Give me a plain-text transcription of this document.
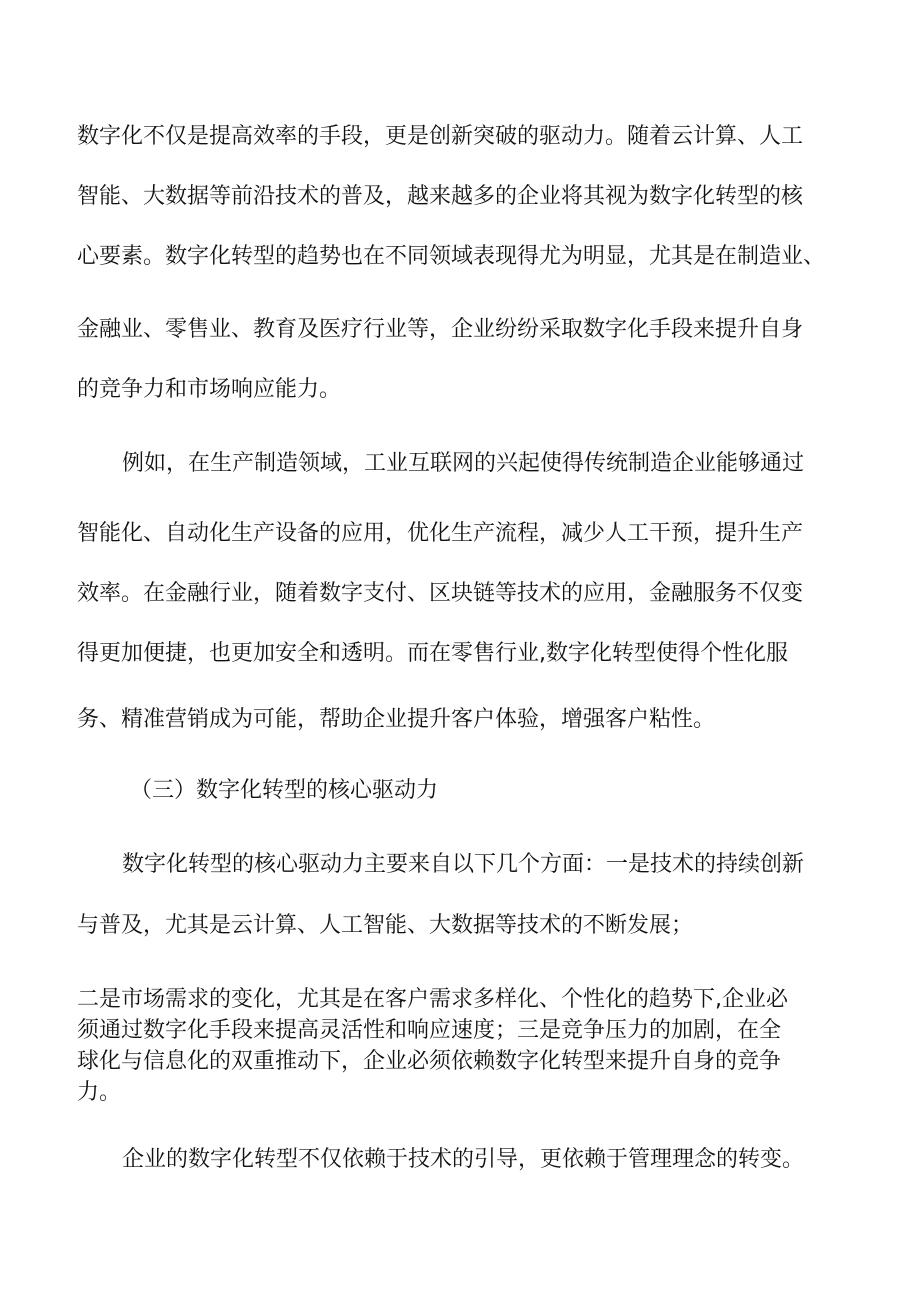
数字化不仅是提高效率的手段，更是创新突破的驱动力。随着云计算、人工
智能、大数据等前沿技术的普及，越来越多的企业将其视为数字化转型的核
心要素。数字化转型的趋势也在不同领域表现得尤为明显，尤其是在制造业、
金融业、零售业、教育及医疗行业等，企业纷纷采取数字化手段来提升自身
的竞争力和市场响应能力。
例如，在生产制造领域，工业互联网的兴起使得传统制造企业能够通过
智能化、自动化生产设备的应用，优化生产流程，减少人工干预，提升生产
效率。在金融行业，随着数字支付、区块链等技术的应用，金融服务不仅变
得更加便捷，也更加安全和透明。而在零售行业,数字化转型使得个性化服
务、精准营销成为可能，帮助企业提升客户体验，增强客户粘性。
（三）数字化转型的核心驱动力
数字化转型的核心驱动力主要来自以下几个方面：一是技术的持续创新
与普及，尤其是云计算、人工智能、大数据等技术的不断发展；
二是市场需求的变化，尤其是在客户需求多样化、个性化的趋势下,企业必
须通过数字化手段来提高灵活性和响应速度；三是竞争压力的加剧，在全
球化与信息化的双重推动下，企业必须依赖数字化转型来提升自身的竞争
力。
企业的数字化转型不仅依赖于技术的引导，更依赖于管理理念的转变。
